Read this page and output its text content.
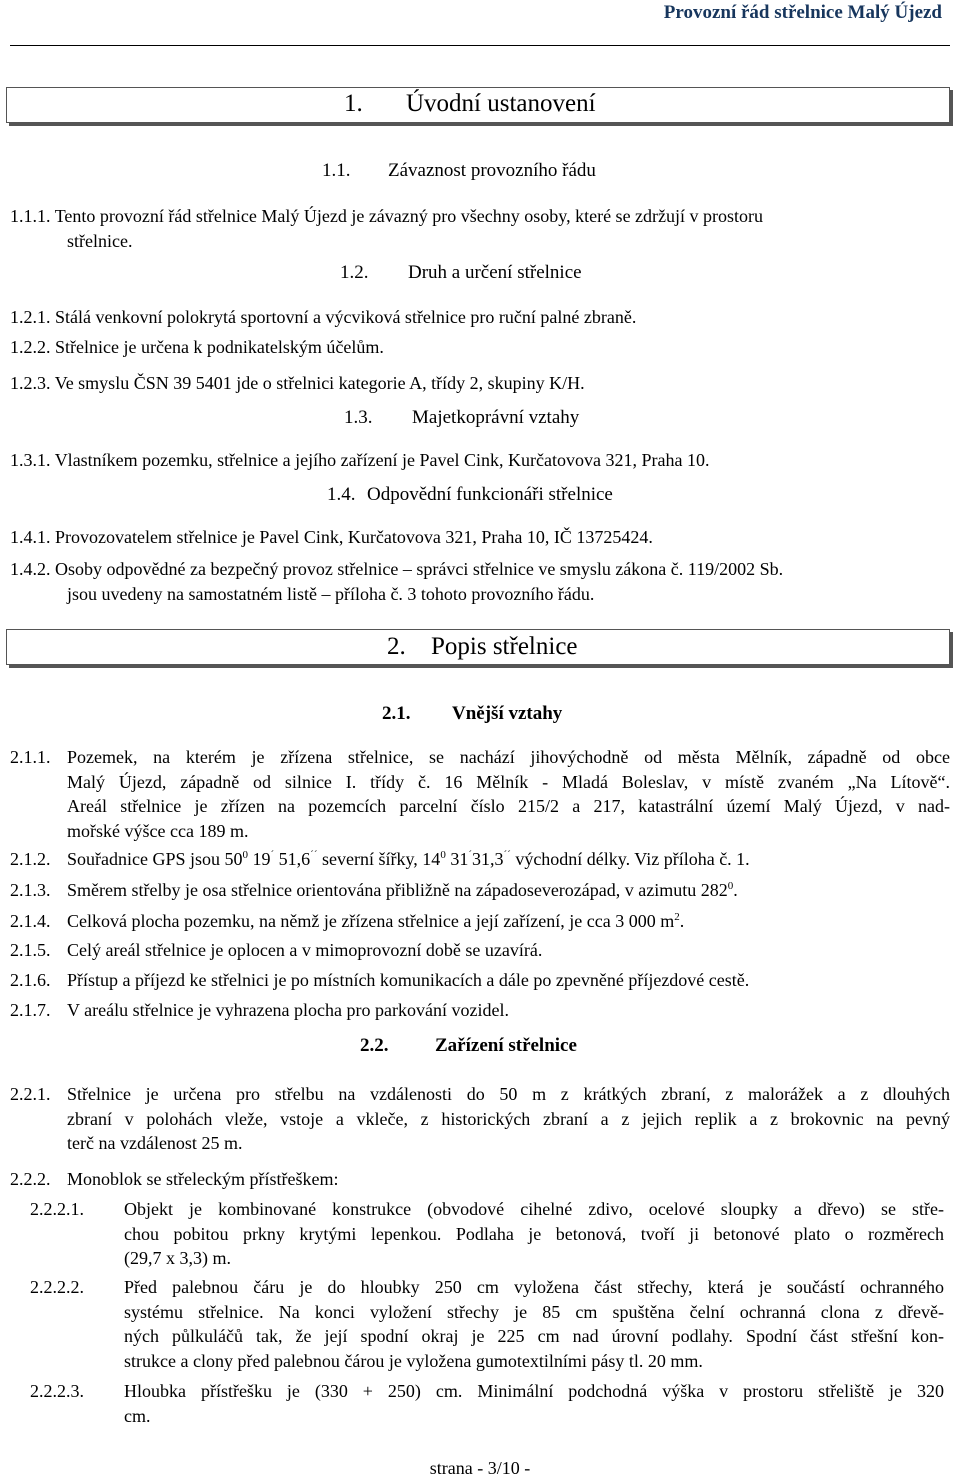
Provozní řád střelnice Malý Újezd
1. Úvodní ustanovení
1.1. Závaznost provozního řádu
1.1.1. Tento provozní řád střelnice Malý Újezd je závazný pro všechny osoby, které se zdržují v prostoru
střelnice.
1.2. Druh a určení střelnice
1.2.1. Stálá venkovní polokrytá sportovní a výcviková střelnice pro ruční palné zbraně.
1.2.2. Střelnice je určena k podnikatelským účelům.
1.2.3. Ve smyslu ČSN 39 5401 jde o střelnici kategorie A, třídy 2, skupiny K/H.
1.3. Majetkoprávní vztahy
1.3.1. Vlastníkem pozemku, střelnice a jejího zařízení je Pavel Cink, Kurčatovova 321, Praha 10.
1.4. Odpovědní funkcionáři střelnice
1.4.1. Provozovatelem střelnice je Pavel Cink, Kurčatovova 321, Praha 10, IČ 13725424.
1.4.2. Osoby odpovědné za bezpečný provoz střelnice – správci střelnice ve smyslu zákona č. 119/2002 Sb.
jsou uvedeny na samostatném listě – příloha č. 3 tohoto provozního řádu.
2. Popis střelnice
2.1. Vnější vztahy
2.1.1. Pozemek, na kterém je zřízena střelnice, se nachází jihovýchodně od města Mělník, západně od obce
Malý Újezd, západně od silnice I. třídy č. 16 Mělník - Mladá Boleslav, v místě zvaném „Na Lítově“.
Areál střelnice je zřízen na pozemcích parcelní číslo 215/2 a 217, katastrální území Malý Újezd, v nad-
mořské výšce cca 189 m.
2.1.2. Souřadnice GPS jsou $50^0$ 19´ 51,6´´ severní šířky, $14^0$ 31´31,3´´ východní délky. Viz příloha č. 1.
2.1.3. Směrem střelby je osa střelnice orientována přibližně na západoseverozápad, v azimutu $282^0$.
2.1.4. Celková plocha pozemku, na němž je zřízena střelnice a její zařízení, je cca 3 000 $m^2$.
2.1.5. Celý areál střelnice je oplocen a v mimoprovozní době se uzavírá.
2.1.6. Přístup a příjezd ke střelnici je po místních komunikacích a dále po zpevněné příjezdové cestě.
2.1.7. V areálu střelnice je vyhrazena plocha pro parkování vozidel.
2.2. Zařízení střelnice
2.2.1. Střelnice je určena pro střelbu na vzdálenosti do 50 m z krátkých zbraní, z malorážek a z dlouhých
zbraní v polohách vleže, vstoje a vkleče, z historických zbraní a z jejich replik a z brokovnic na pevný
terč na vzdálenost 25 m.
2.2.2. Monoblok se střeleckým přístřeškem:
2.2.2.1. Objekt je kombinované konstrukce (obvodové cihelné zdivo, ocelové sloupky a dřevo) se stře-
chou pobitou prkny krytými lepenkou. Podlaha je betonová, tvoří ji betonové plato o rozměrech
(29,7 x 3,3) m.
2.2.2.2. Před palebnou čáru je do hloubky 250 cm vyložena část střechy, která je součástí ochranného
systému střelnice. Na konci vyložení střechy je 85 cm spuštěna čelní ochranná clona z dřevě-
ných půlkuláčů tak, že její spodní okraj je 225 cm nad úrovní podlahy. Spodní část střešní kon-
strukce a clony před palebnou čárou je vyložena gumotextilními pásy tl. 20 mm.
2.2.2.3. Hloubka přístřešku je (330 + 250) cm. Minimální podchodná výška v prostoru střeliště je 320
cm.
strana - 3/10 -
